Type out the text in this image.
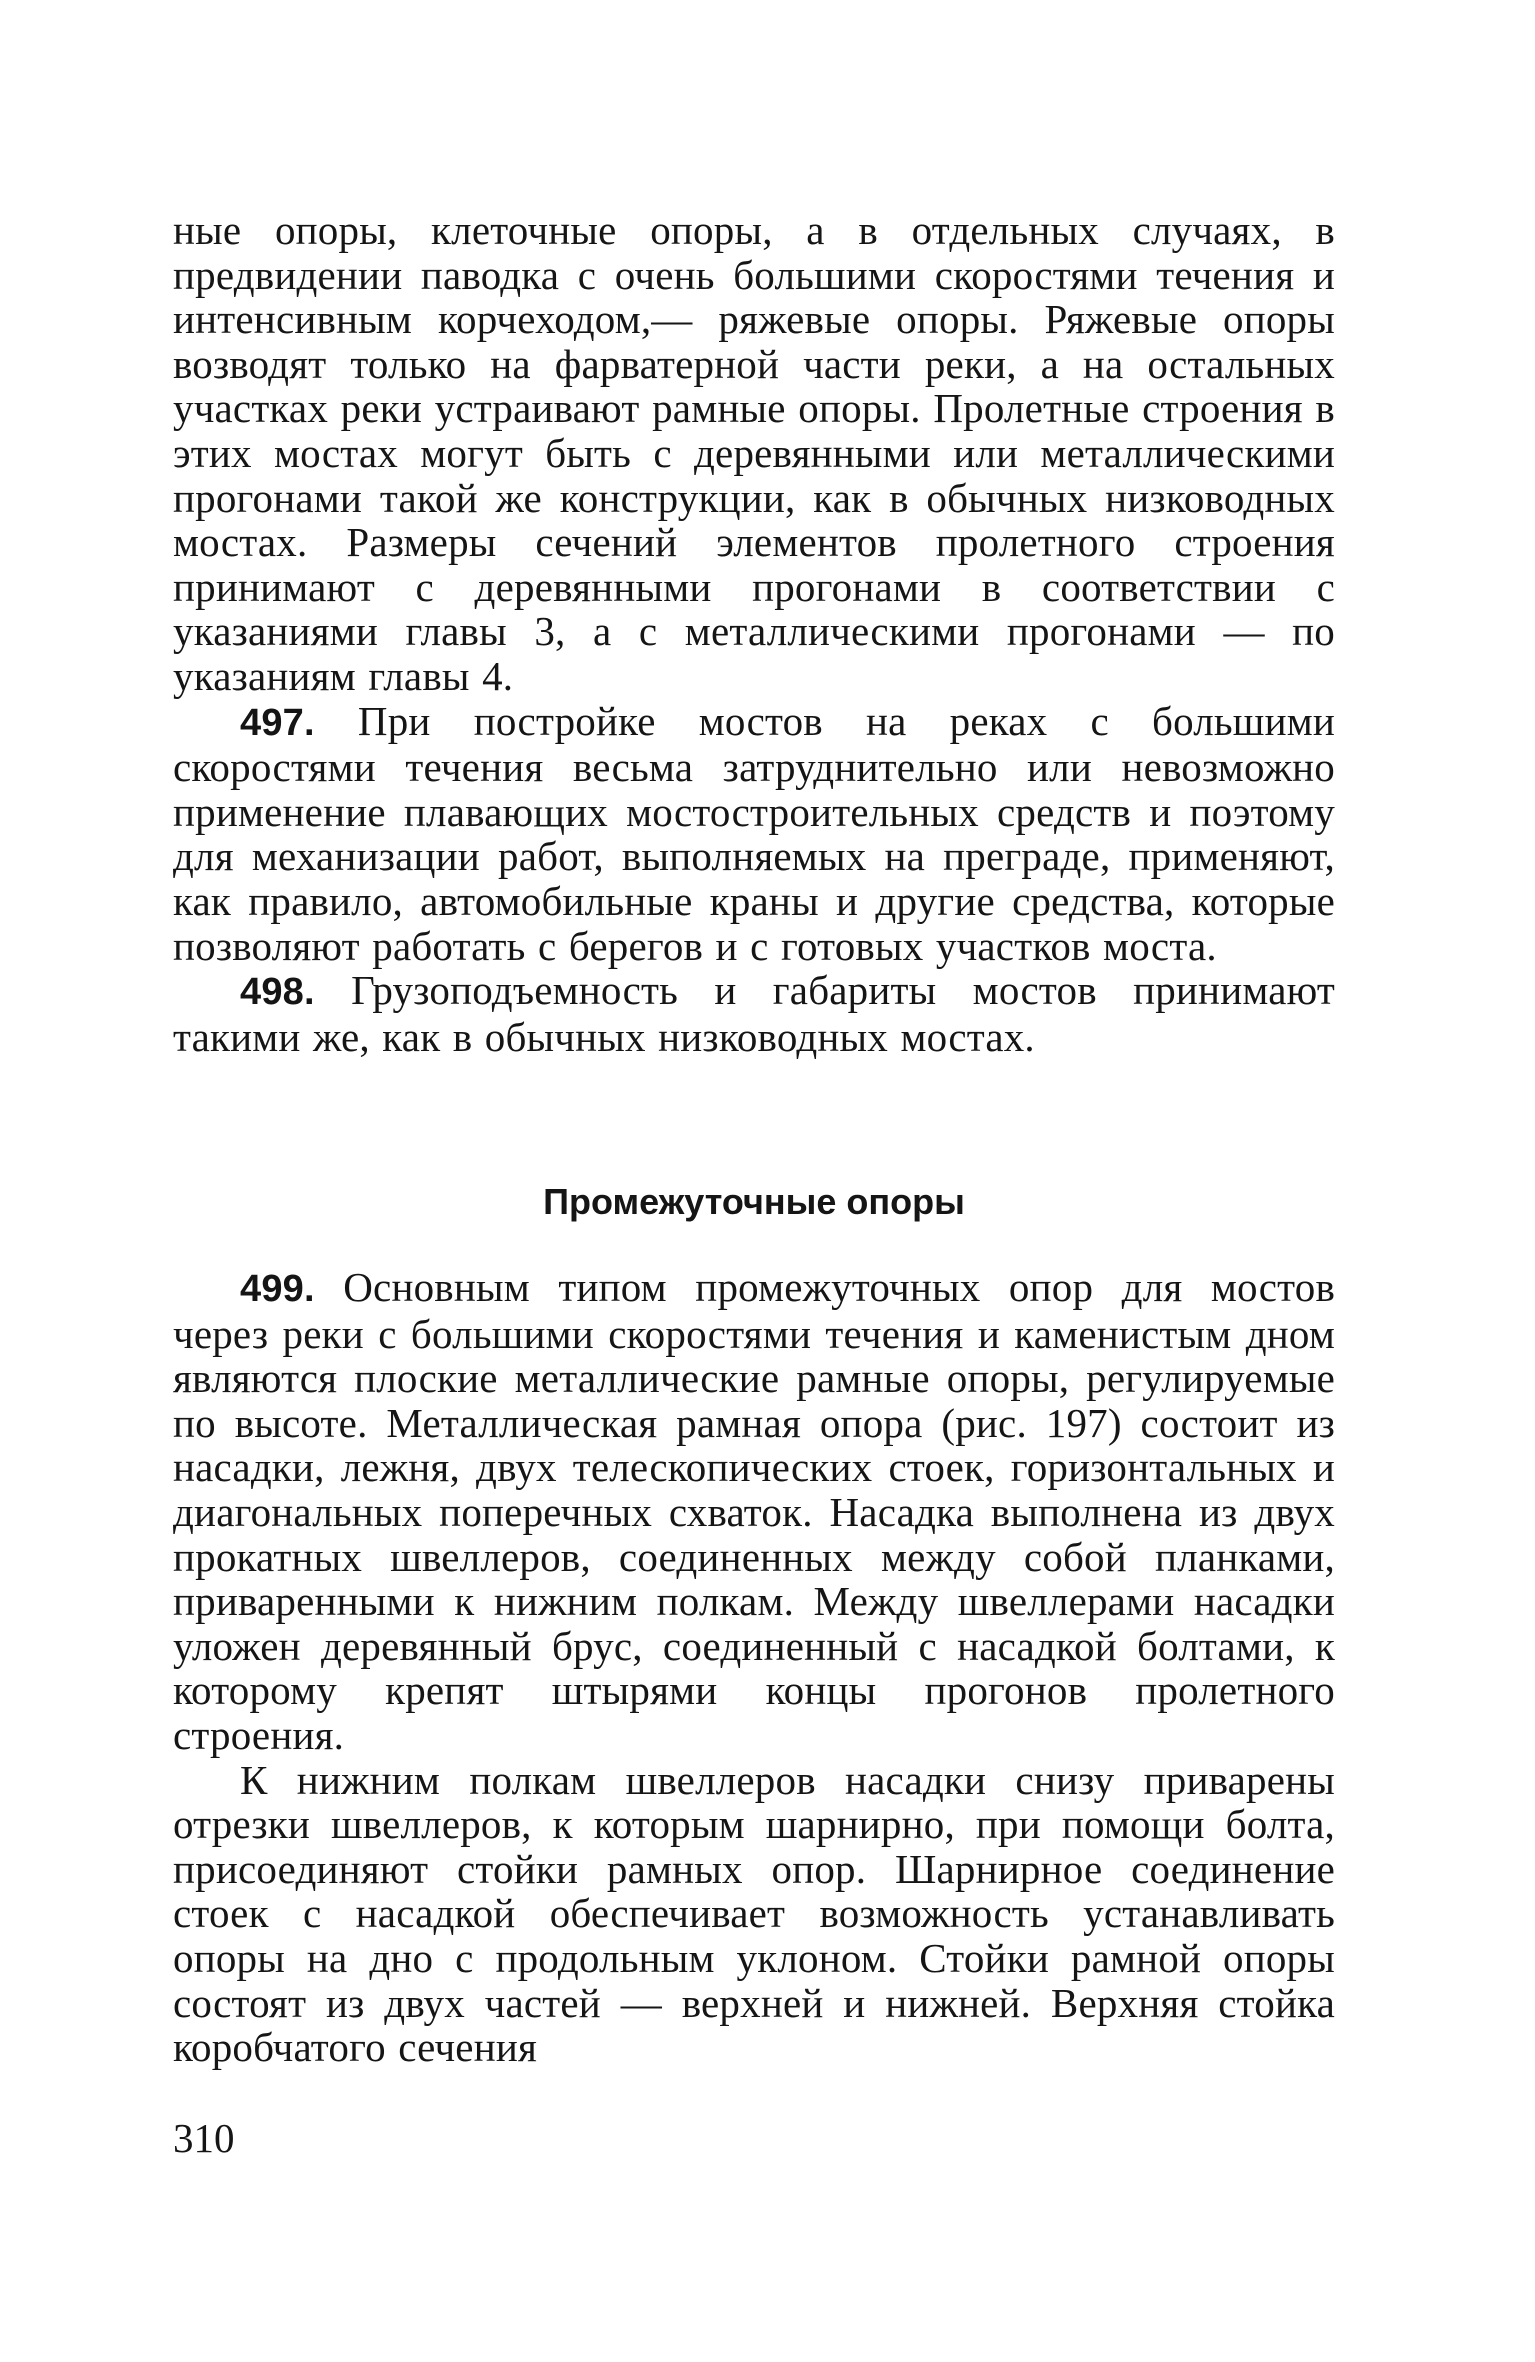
ные опоры, клеточные опоры, а в отдельных случаях, в предвидении паводка с очень большими скоростями течения и интенсивным корчеходом,— ряжевые опоры. Ряжевые опоры возводят только на фарватерной части реки, а на остальных участках реки устраивают рамные опоры. Пролетные строения в этих мостах могут быть с деревянными или металлическими прогонами такой же конструкции, как в обычных низководных мостах. Размеры сечений элементов пролетного строения принимают с деревянными прогонами в соответствии с указаниями главы 3, а с металлическими прогонами — по указаниям главы 4.

497. При постройке мостов на реках с большими скоростями течения весьма затруднительно или невозможно применение плавающих мостостроительных средств и поэтому для механизации работ, выполняемых на преграде, применяют, как правило, автомобильные краны и другие средства, которые позволяют работать с берегов и с готовых участков моста.

498. Грузоподъемность и габариты мостов принимают такими же, как в обычных низководных мостах.

Промежуточные опоры

499. Основным типом промежуточных опор для мостов через реки с большими скоростями течения и каменистым дном являются плоские металлические рамные опоры, регулируемые по высоте. Металлическая рамная опора (рис. 197) состоит из насадки, лежня, двух телескопических стоек, горизонтальных и диагональных поперечных схваток. Насадка выполнена из двух прокатных швеллеров, соединенных между собой планками, приваренными к нижним полкам. Между швеллерами насадки уложен деревянный брус, соединенный с насадкой болтами, к которому крепят штырями концы прогонов пролетного строения.

К нижним полкам швеллеров насадки снизу приварены отрезки швеллеров, к которым шарнирно, при помощи болта, присоединяют стойки рамных опор. Шарнирное соединение стоек с насадкой обеспечивает возможность устанавливать опоры на дно с продольным уклоном. Стойки рамной опоры состоят из двух частей — верхней и нижней. Верхняя стойка коробчатого сечения

310
